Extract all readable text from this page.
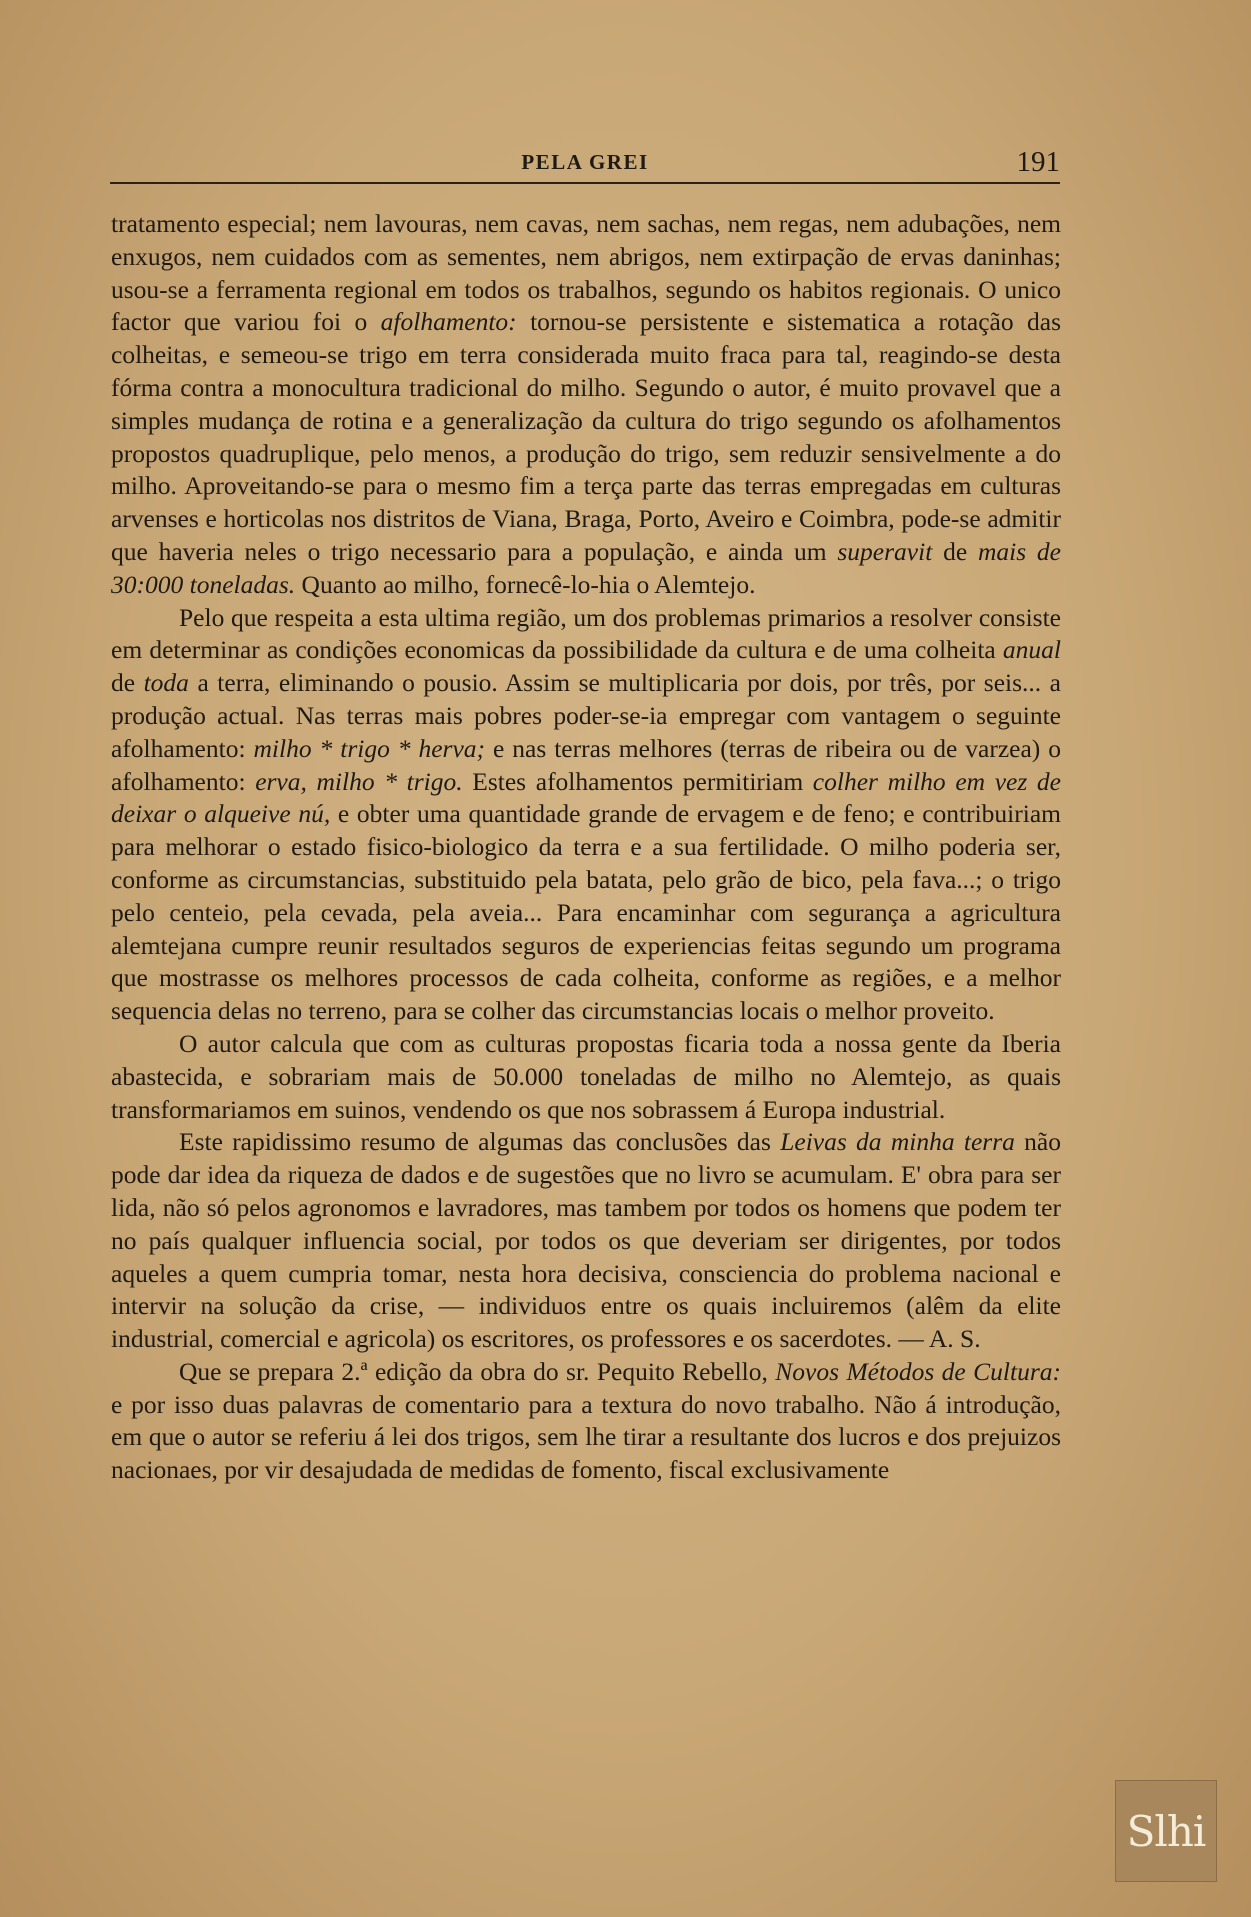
PELA GREI	191

tratamento especial; nem lavouras, nem cavas, nem sachas, nem regas, nem adubações, nem enxugos, nem cuidados com as sementes, nem abrigos, nem extirpação de ervas daninhas; usou-se a ferramenta regional em todos os trabalhos, segundo os habitos regionais. O unico factor que variou foi o afolhamento: tornou-se persistente e sistematica a rotação das colheitas, e semeou-se trigo em terra considerada muito fraca para tal, reagindo-se desta fórma contra a monocultura tradicional do milho. Segundo o autor, é muito provavel que a simples mudança de rotina e a generalização da cultura do trigo segundo os afolhamentos propostos quadruplique, pelo menos, a produção do trigo, sem reduzir sensivelmente a do milho. Aproveitando-se para o mesmo fim a terça parte das terras empregadas em culturas arvenses e horticolas nos distritos de Viana, Braga, Porto, Aveiro e Coimbra, pode-se admitir que haveria neles o trigo necessario para a população, e ainda um superavit de mais de 30:000 toneladas. Quanto ao milho, fornecê-lo-hia o Alemtejo.

Pelo que respeita a esta ultima região, um dos problemas primarios a resolver consiste em determinar as condições economicas da possibilidade da cultura e de uma colheita anual de toda a terra, eliminando o pousio. Assim se multiplicaria por dois, por três, por seis... a produção actual. Nas terras mais pobres poder-se-ia empregar com vantagem o seguinte afolhamento: milho * trigo * herva; e nas terras melhores (terras de ribeira ou de varzea) o afolhamento: erva, milho * trigo. Estes afolhamentos permitiriam colher milho em vez de deixar o alqueive nú, e obter uma quantidade grande de ervagem e de feno; e contribuiriam para melhorar o estado fisico-biologico da terra e a sua fertilidade. O milho poderia ser, conforme as circumstancias, substituido pela batata, pelo grão de bico, pela fava...; o trigo pelo centeio, pela cevada, pela aveia... Para encaminhar com segurança a agricultura alemtejana cumpre reunir resultados seguros de experiencias feitas segundo um programa que mostrasse os melhores processos de cada colheita, conforme as regiões, e a melhor sequencia delas no terreno, para se colher das circumstancias locais o melhor proveito.

O autor calcula que com as culturas propostas ficaria toda a nossa gente da Iberia abastecida, e sobrariam mais de 50.000 toneladas de milho no Alemtejo, as quais transformariamos em suinos, vendendo os que nos sobrassem á Europa industrial.

Este rapidissimo resumo de algumas das conclusões das Leivas da minha terra não pode dar idea da riqueza de dados e de sugestões que no livro se acumulam. E' obra para ser lida, não só pelos agronomos e lavradores, mas tambem por todos os homens que podem ter no país qualquer influencia social, por todos os que deveriam ser dirigentes, por todos aqueles a quem cumpria tomar, nesta hora decisiva, consciencia do problema nacional e intervir na solução da crise, — individuos entre os quais incluiremos (alêm da elite industrial, comercial e agricola) os escritores, os professores e os sacerdotes. — A. S.

Que se prepara 2.ª edição da obra do sr. Pequito Rebello, Novos Métodos de Cultura: e por isso duas palavras de comentario para a textura do novo trabalho. Não á introdução, em que o autor se referiu á lei dos trigos, sem lhe tirar a resultante dos lucros e dos prejuizos nacionaes, por vir desajudada de medidas de fomento, fiscal exclusivamente

Slhi
